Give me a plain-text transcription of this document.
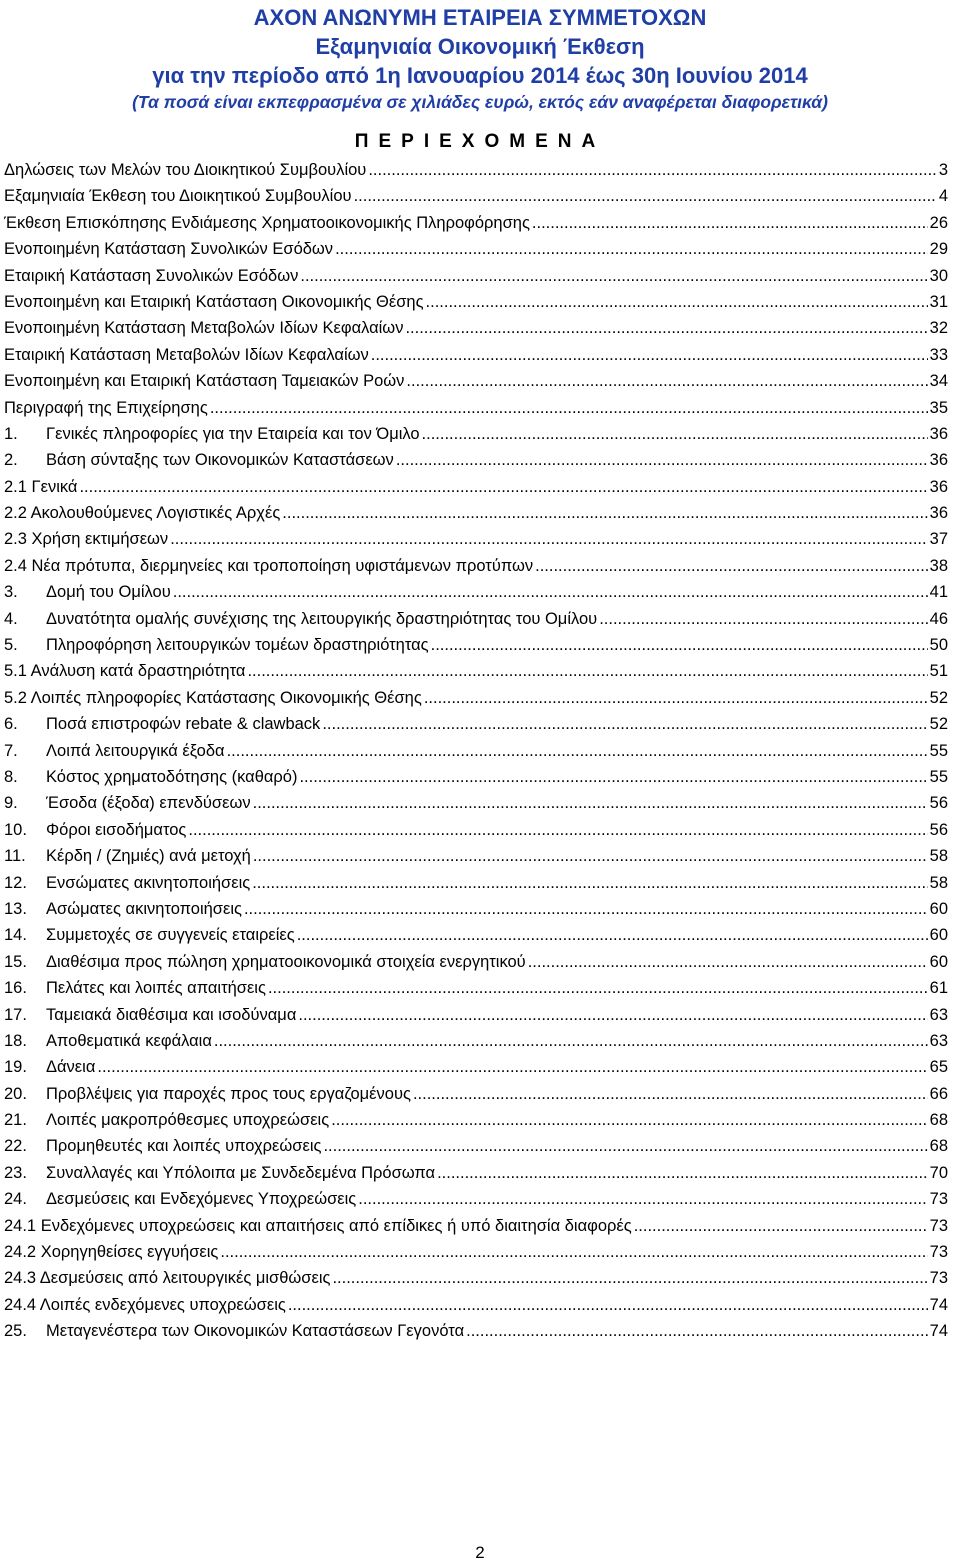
ΑΧΟΝ ΑΝΩΝΥΜΗ ΕΤΑΙΡΕΙΑ ΣΥΜΜΕΤΟΧΩΝ
Εξαμηνιαία Οικονομική Έκθεση
για την περίοδο από 1η Ιανουαρίου 2014 έως 30η Ιουνίου 2014
(Τα ποσά είναι εκπεφρασμένα σε χιλιάδες ευρώ, εκτός εάν αναφέρεται διαφορετικά)
ΠΕΡΙΕΧΟΜΕΝΑ
Δηλώσεις των Μελών του Διοικητικού Συμβουλίου .....	3
Εξαμηνιαία Έκθεση του Διοικητικού Συμβουλίου .....	4
Έκθεση Επισκόπησης Ενδιάμεσης Χρηματοοικονομικής Πληροφόρησης .....	26
Ενοποιημένη Κατάσταση Συνολικών Εσόδων .....	29
Εταιρική Κατάσταση Συνολικών Εσόδων .....	30
Ενοποιημένη και Εταιρική Κατάσταση Οικονομικής Θέσης .....	31
Ενοποιημένη Κατάσταση Μεταβολών Ιδίων Κεφαλαίων .....	32
Εταιρική Κατάσταση Μεταβολών Ιδίων Κεφαλαίων .....	33
Ενοποιημένη και Εταιρική Κατάσταση Ταμειακών Ροών .....	34
Περιγραφή της Επιχείρησης .....	35
1.	Γενικές πληροφορίες για την Εταιρεία και τον Όμιλο .....	36
2.	Βάση σύνταξης των Οικονομικών Καταστάσεων .....	36
2.1 Γενικά .....	36
2.2 Ακολουθούμενες Λογιστικές Αρχές .....	36
2.3 Χρήση εκτιμήσεων .....	37
2.4 Νέα πρότυπα, διερμηνείες και τροποποίηση υφιστάμενων προτύπων .....	38
3.	Δομή του Ομίλου .....	41
4.	Δυνατότητα ομαλής συνέχισης της λειτουργικής δραστηριότητας του Ομίλου .....	46
5.	Πληροφόρηση λειτουργικών τομέων δραστηριότητας .....	50
5.1 Ανάλυση κατά δραστηριότητα .....	51
5.2 Λοιπές πληροφορίες Κατάστασης Οικονομικής Θέσης .....	52
6.	Ποσά επιστροφών rebate & clawback .....	52
7.	Λοιπά λειτουργικά έξοδα .....	55
8.	Κόστος χρηματοδότησης (καθαρό) .....	55
9.	Έσοδα (έξοδα) επενδύσεων .....	56
10.	Φόροι εισοδήματος .....	56
11.	Κέρδη / (Ζημιές) ανά μετοχή .....	58
12.	Ενσώματες ακινητοποιήσεις .....	58
13.	Ασώματες ακινητοποιήσεις .....	60
14.	Συμμετοχές σε συγγενείς εταιρείες .....	60
15.	Διαθέσιμα προς πώληση χρηματοοικονομικά στοιχεία ενεργητικού .....	60
16.	Πελάτες και λοιπές απαιτήσεις .....	61
17.	Ταμειακά διαθέσιμα και ισοδύναμα .....	63
18.	Αποθεματικά κεφάλαια .....	63
19.	Δάνεια .....	65
20.	Προβλέψεις για παροχές προς τους εργαζομένους .....	66
21.	Λοιπές μακροπρόθεσμες υποχρεώσεις .....	68
22.	Προμηθευτές και λοιπές υποχρεώσεις .....	68
23.	Συναλλαγές και Υπόλοιπα με Συνδεδεμένα Πρόσωπα .....	70
24.	Δεσμεύσεις και Ενδεχόμενες Υποχρεώσεις .....	73
24.1 Ενδεχόμενες υποχρεώσεις και απαιτήσεις από επίδικες ή υπό διαιτησία διαφορές .....	73
24.2 Χορηγηθείσες εγγυήσεις .....	73
24.3 Δεσμεύσεις από λειτουργικές μισθώσεις .....	73
24.4 Λοιπές ενδεχόμενες υποχρεώσεις .....	74
25.	Μεταγενέστερα των Οικονομικών Καταστάσεων Γεγονότα .....	74
2
